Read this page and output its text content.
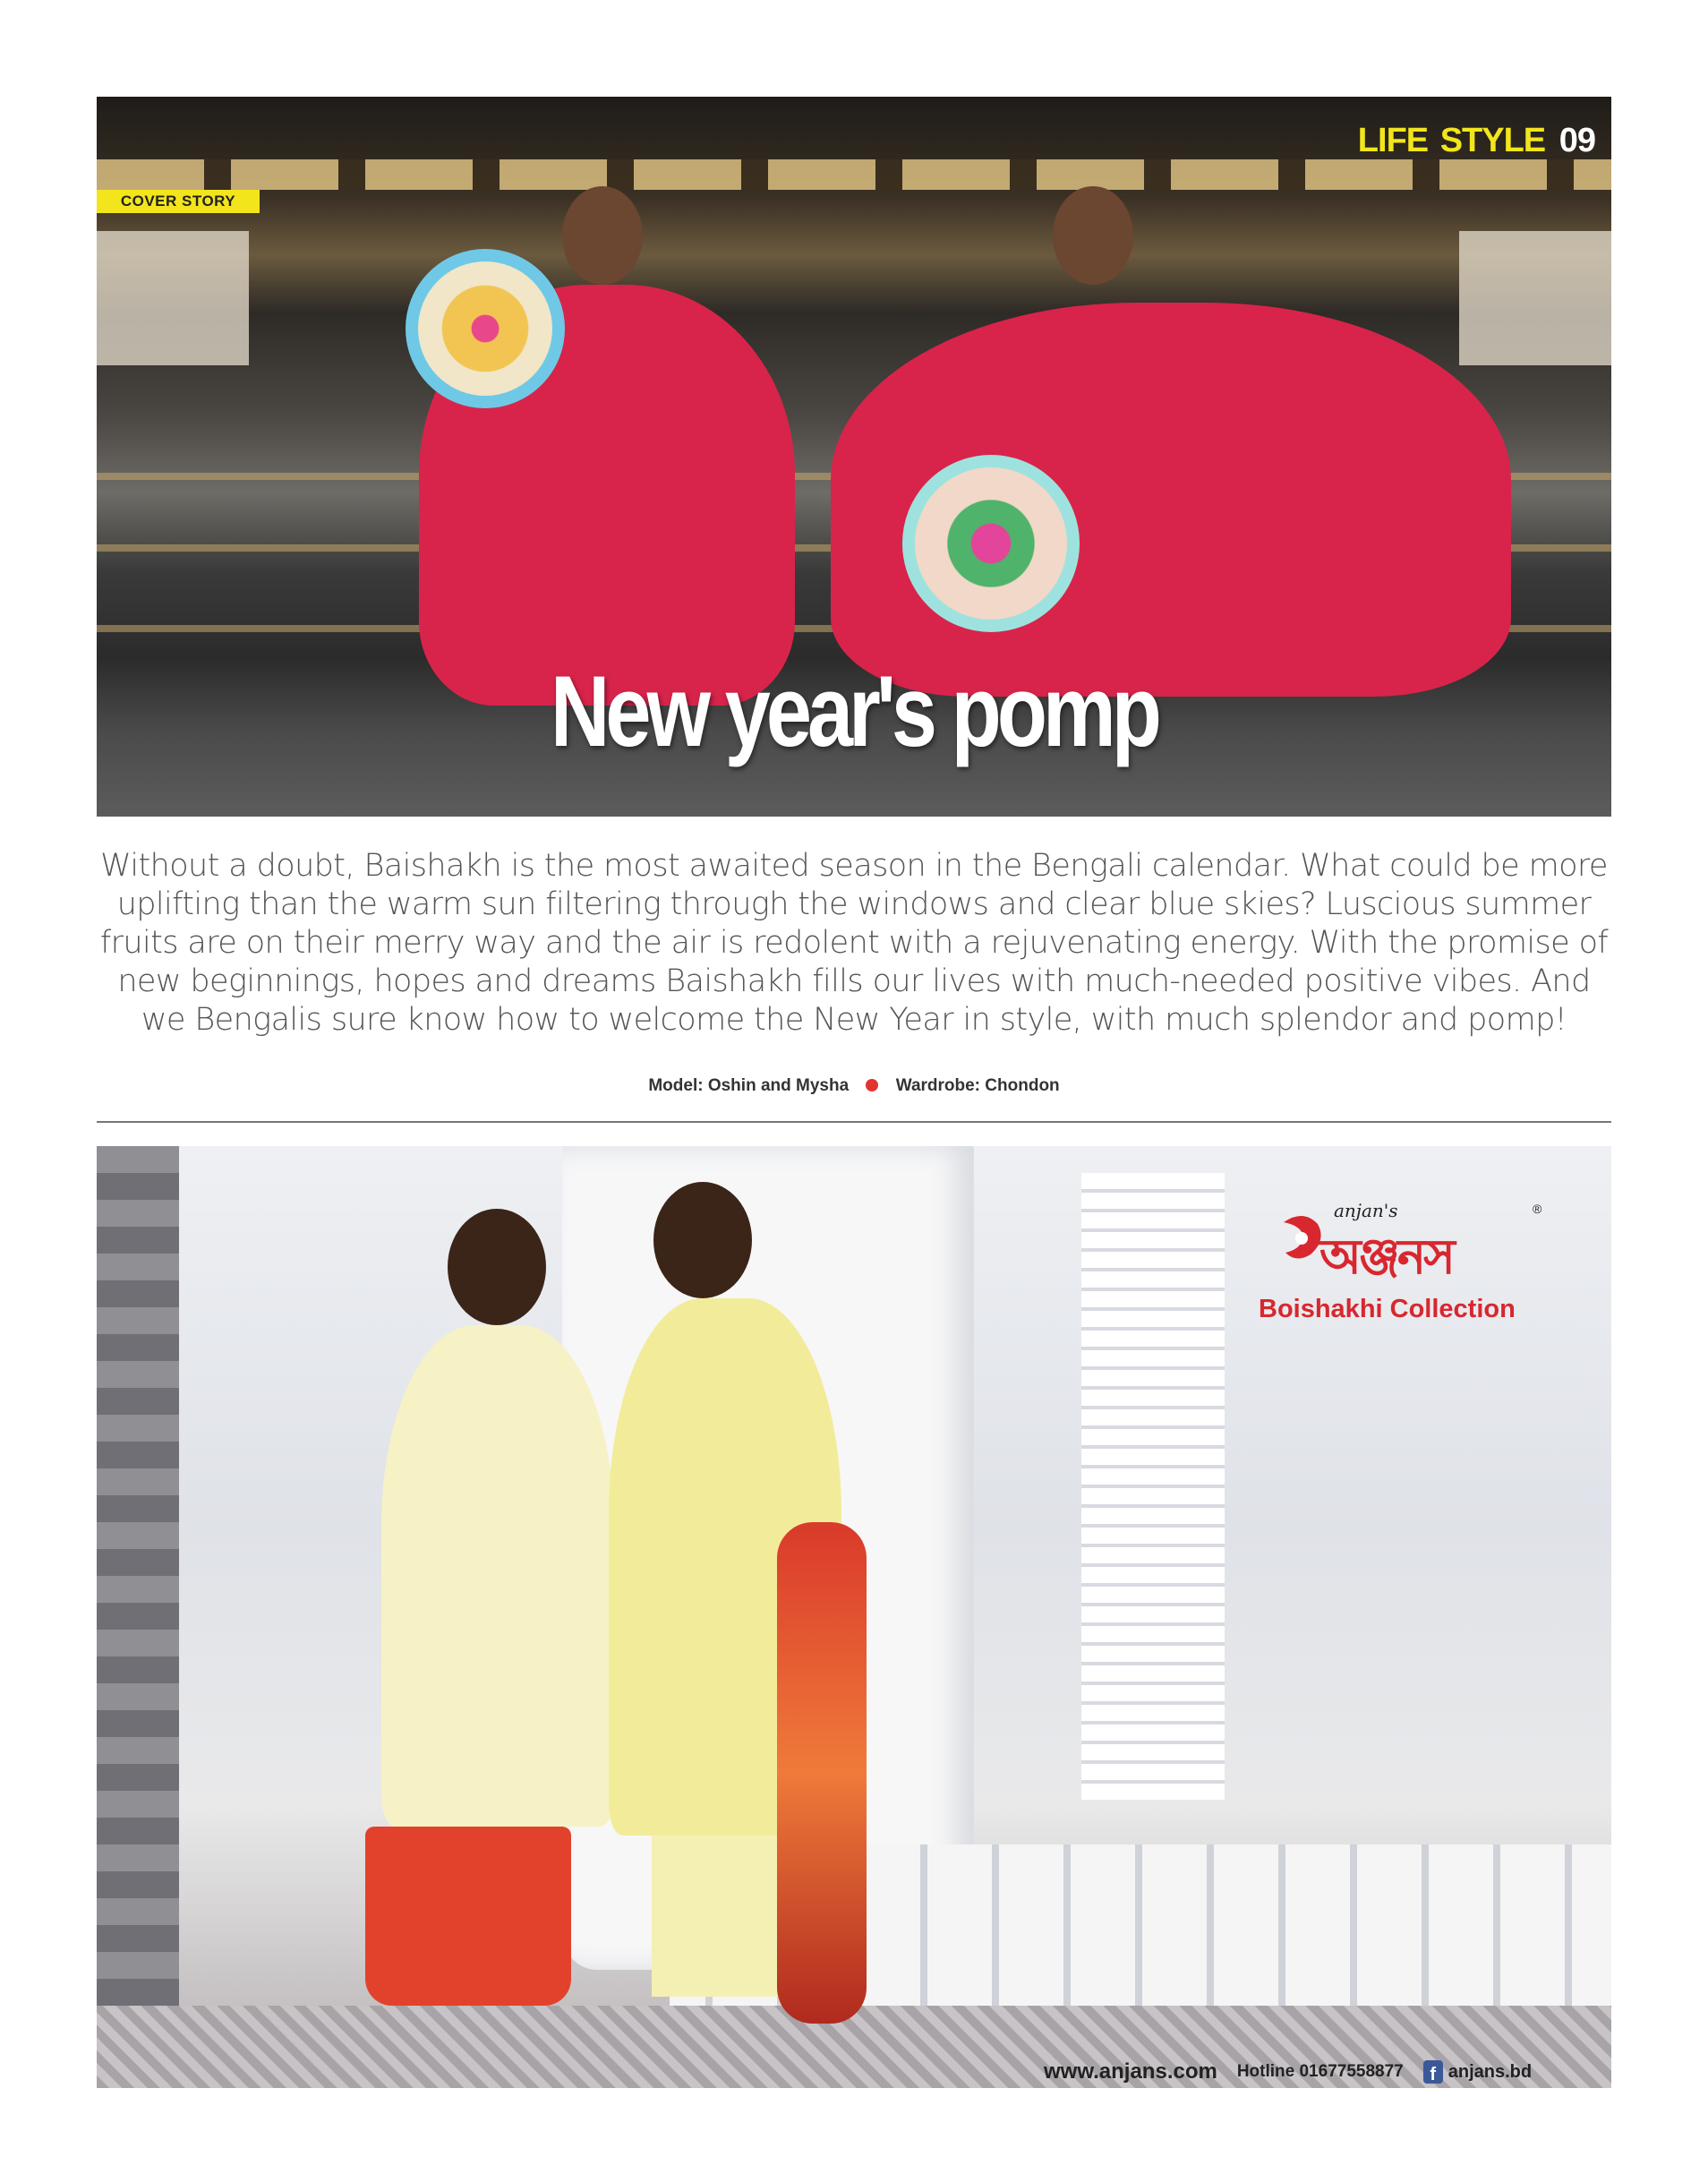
COVER STORY
LIFE STYLE 09
New year's pomp
Without a doubt, Baishakh is the most awaited season in the Bengali calendar. What could be more uplifting than the warm sun filtering through the windows and clear blue skies? Luscious summer fruits are on their merry way and the air is redolent with a rejuvenating energy. With the promise of new beginnings, hopes and dreams Baishakh fills our lives with much-needed positive vibes. And we Bengalis sure know how to welcome the New Year in style, with much splendor and pomp!
Model: Oshin and Mysha	Wardrobe: Chondon
anjan's
অঞ্জনস
®
Boishakhi Collection
www.anjans.com Hotline 01677558877	f anjans.bd
